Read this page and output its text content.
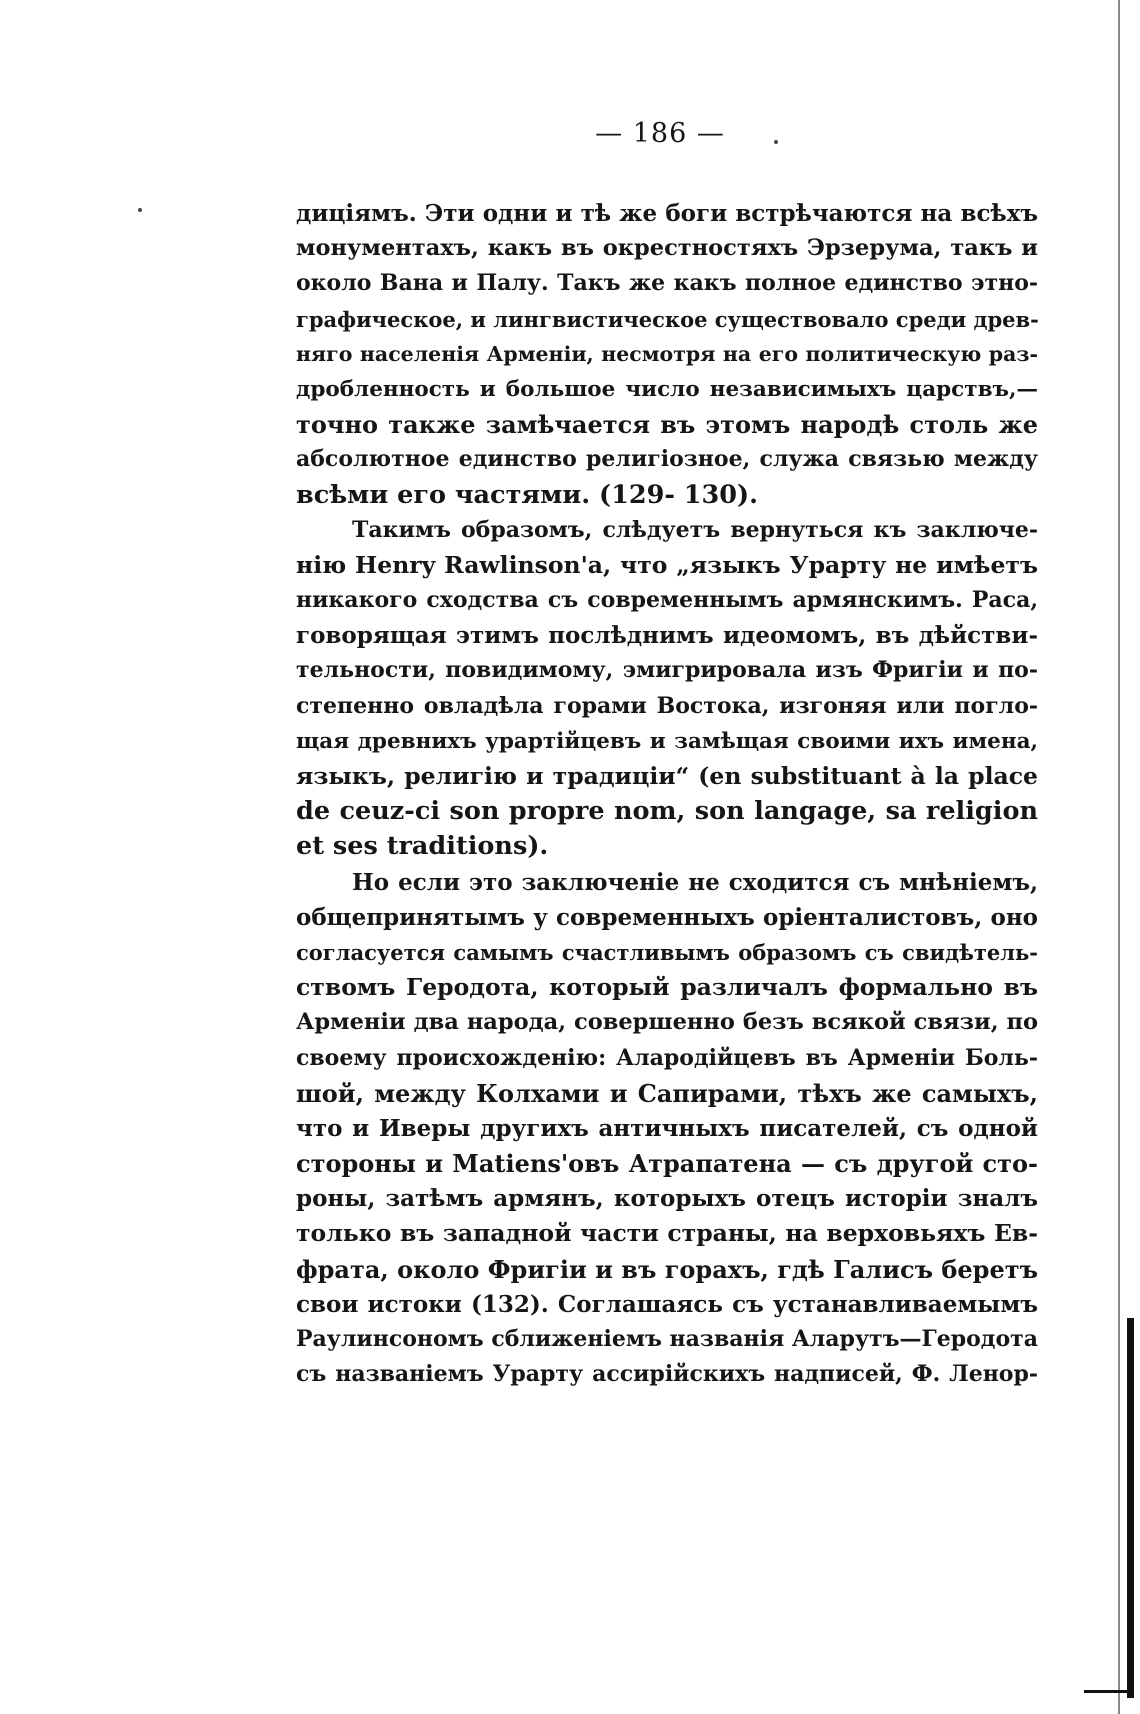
— 186 —
диціямъ. Эти одни и тѣ же боги встрѣчаются на всѣхъ
монументахъ, какъ въ окрестностяхъ Эрзерума, такъ и
около Вана и Палу. Такъ же какъ полное единство этно-
графическое, и лингвистическое существовало среди древ-
няго населенія Арменіи, несмотря на его политическую раз-
дробленность и большое число независимыхъ царствъ,—
точно также замѣчается въ этомъ народѣ столь же
абсолютное единство религіозное, служа связью между
всѣми его частями. (129- 130).
Такимъ образомъ, слѣдуетъ вернуться къ заключе-
нію Henry Rawlinson'а, что „языкъ Урарту не имѣетъ
никакого сходства съ современнымъ армянскимъ. Раса,
говорящая этимъ послѣднимъ идеомомъ, въ дѣйстви-
тельности, повидимому, эмигрировала изъ Фригіи и по-
степенно овладѣла горами Востока, изгоняя или погло-
щая древнихъ урартійцевъ и замѣщая своими ихъ имена,
языкъ, религію и традиціи“ (en substituant à la place
de ceuz-ci son propre nom, son langage, sa religion
et ses traditions).
Но если это заключеніе не сходится съ мнѣніемъ,
общепринятымъ у современныхъ оріенталистовъ, оно
согласуется самымъ счастливымъ образомъ съ свидѣтель-
ствомъ Геродота, который различалъ формально въ
Арменіи два народа, совершенно безъ всякой связи, по
своему происхожденію: Алародійцевъ въ Арменіи Боль-
шой, между Колхами и Сапирами, тѣхъ же самыхъ,
что и Иверы другихъ античныхъ писателей, съ одной
стороны и Matiens'овъ Атрапатена — съ другой сто-
роны, затѣмъ армянъ, которыхъ отецъ исторіи зналъ
только въ западной части страны, на верховьяхъ Ев-
фрата, около Фригіи и въ горахъ, гдѣ Галисъ беретъ
свои истоки (132). Соглашаясь съ устанавливаемымъ
Раулинсономъ сближеніемъ названія Аларутъ—Геродота
съ названіемъ Урарту ассирійскихъ надписей, Ф. Ленор-
